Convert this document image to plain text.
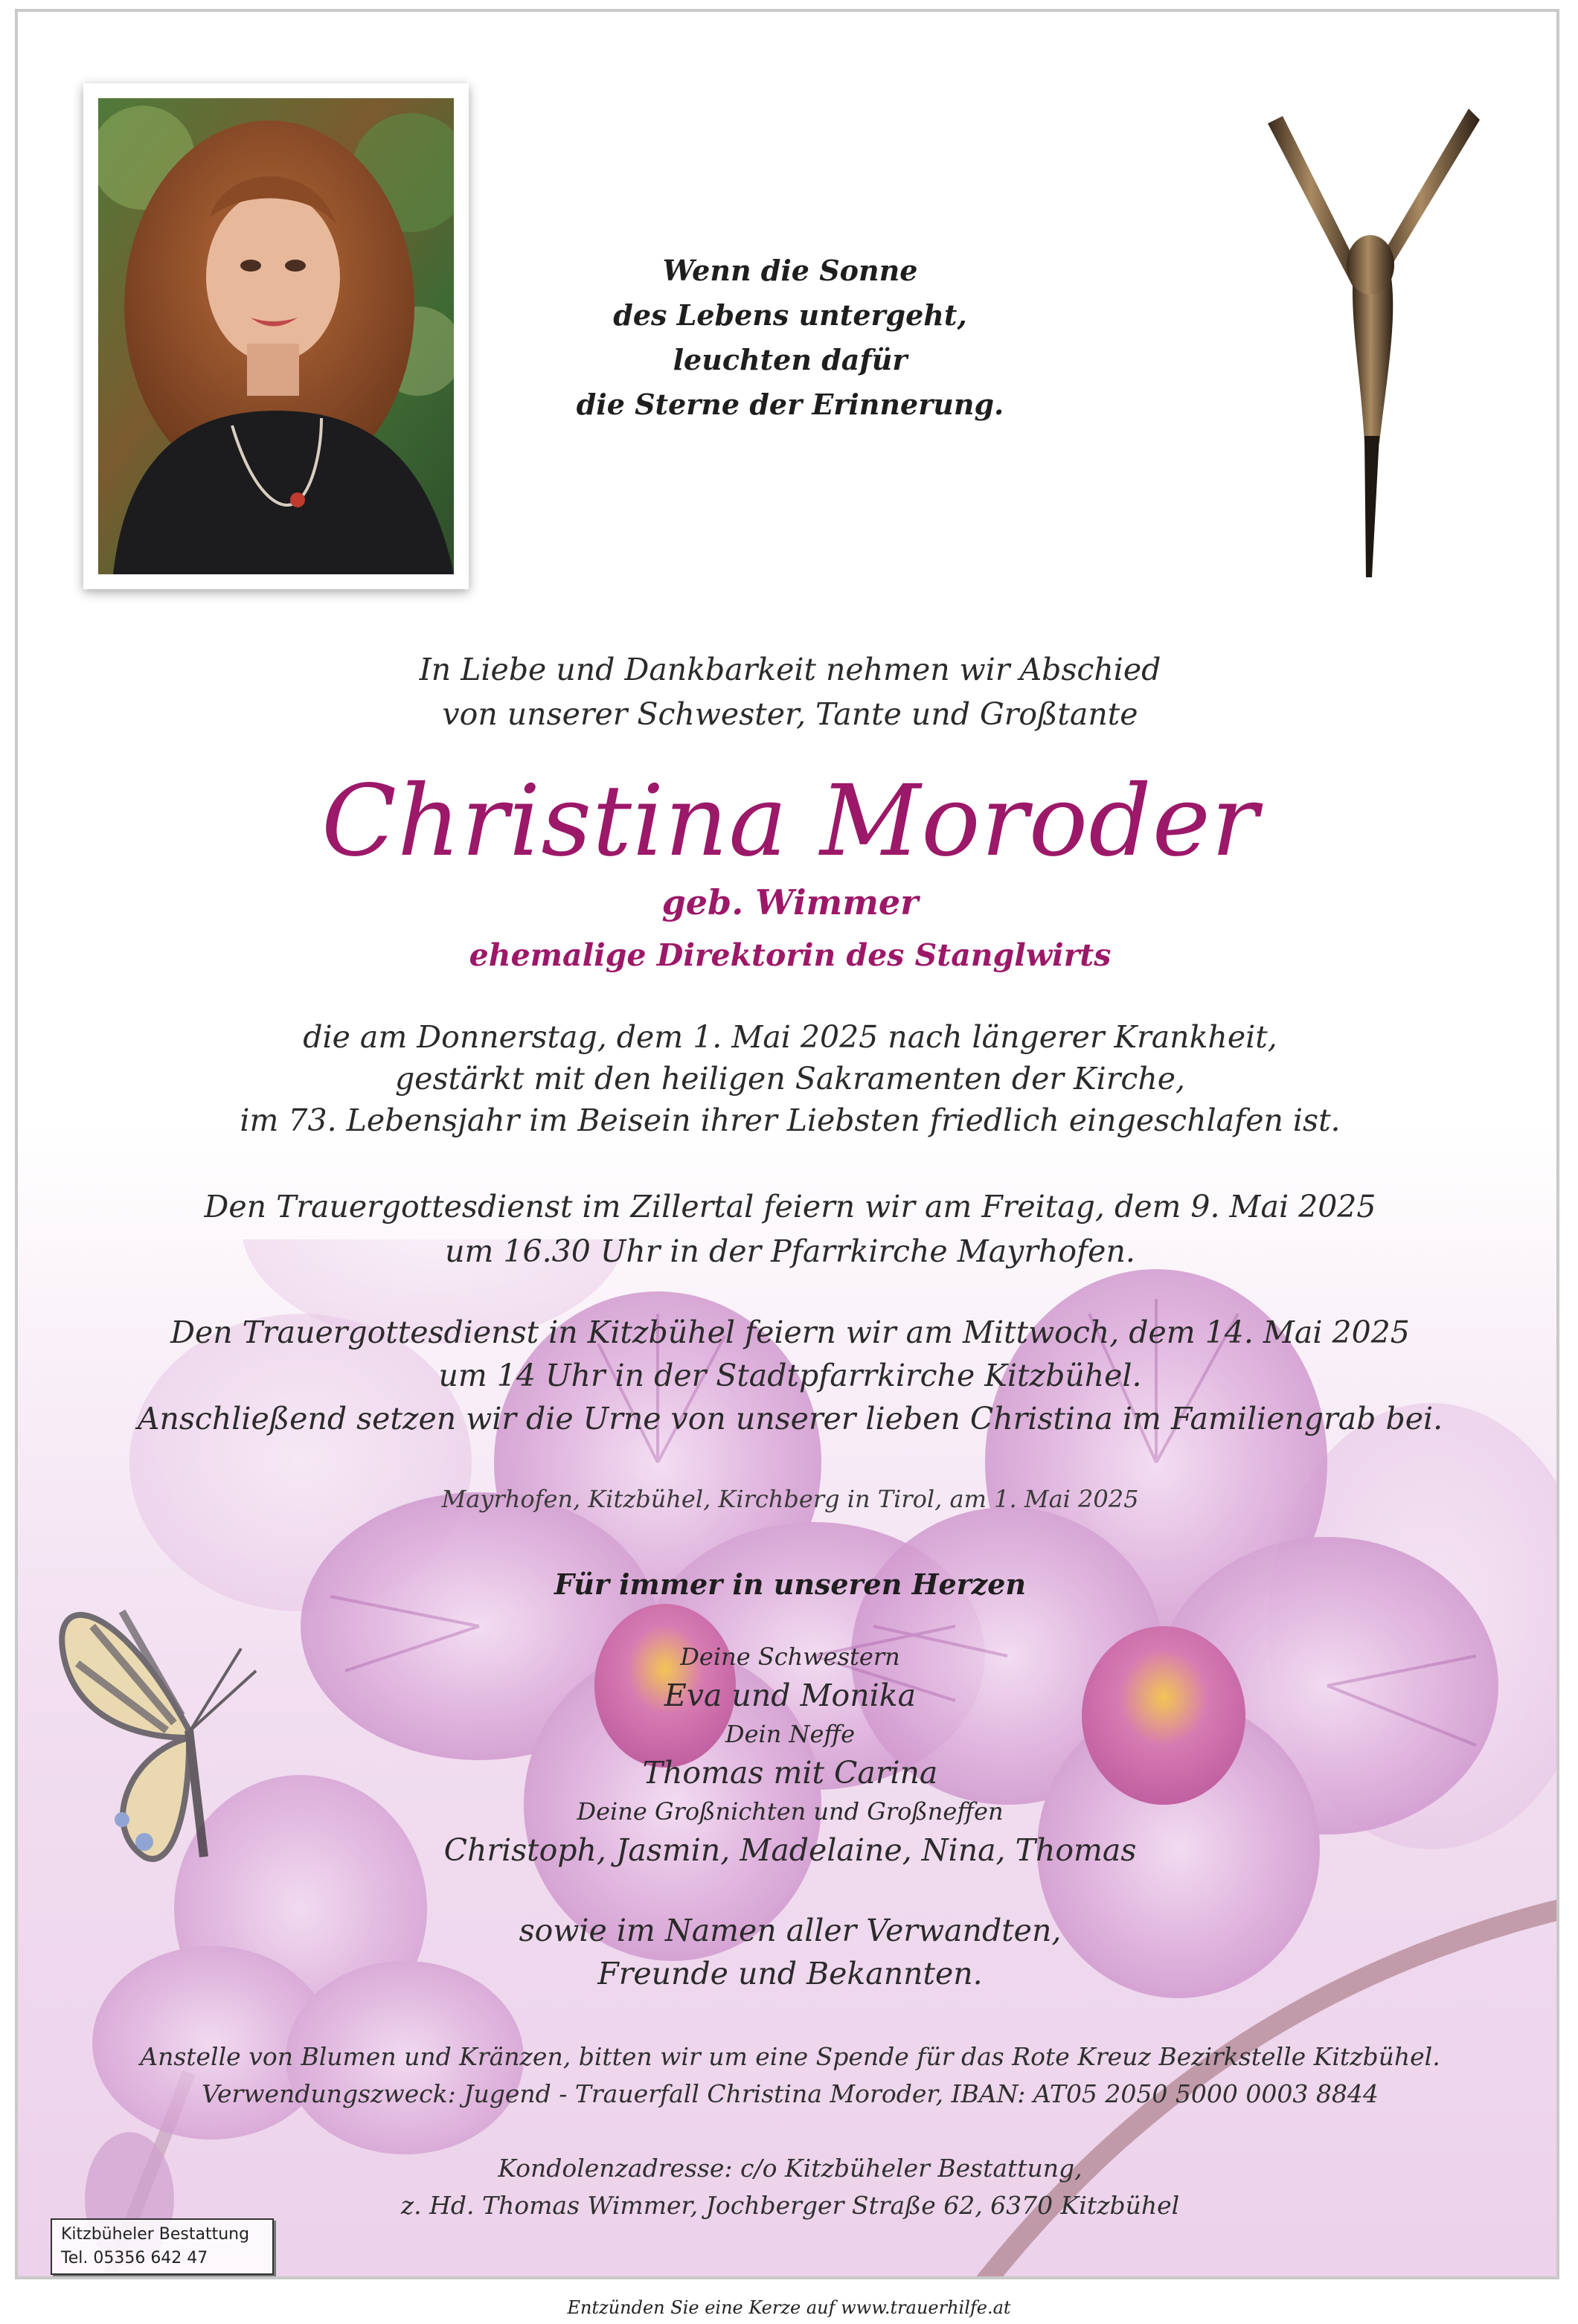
Wenn die Sonne
des Lebens untergeht,
leuchten dafür
die Sterne der Erinnerung.
In Liebe und Dankbarkeit nehmen wir Abschied
von unserer Schwester, Tante und Großtante
Christina Moroder
geb. Wimmer
ehemalige Direktorin des Stanglwirts
die am Donnerstag, dem 1. Mai 2025 nach längerer Krankheit,
gestärkt mit den heiligen Sakramenten der Kirche,
im 73. Lebensjahr im Beisein ihrer Liebsten friedlich eingeschlafen ist.
Den Trauergottesdienst im Zillertal feiern wir am Freitag, dem 9. Mai 2025
um 16.30 Uhr in der Pfarrkirche Mayrhofen.
Den Trauergottesdienst in Kitzbühel feiern wir am Mittwoch, dem 14. Mai 2025
um 14 Uhr in der Stadtpfarrkirche Kitzbühel.
Anschließend setzen wir die Urne von unserer lieben Christina im Familiengrab bei.
Mayrhofen, Kitzbühel, Kirchberg in Tirol, am 1. Mai 2025
Für immer in unseren Herzen
Deine Schwestern
Eva und Monika
Dein Neffe
Thomas mit Carina
Deine Großnichten und Großneffen
Christoph, Jasmin, Madelaine, Nina, Thomas
sowie im Namen aller Verwandten,
Freunde und Bekannten.
Anstelle von Blumen und Kränzen, bitten wir um eine Spende für das Rote Kreuz Bezirkstelle Kitzbühel.
Verwendungszweck: Jugend - Trauerfall Christina Moroder, IBAN: AT05 2050 5000 0003 8844
Kondolenzadresse: c/o Kitzbüheler Bestattung,
z. Hd. Thomas Wimmer, Jochberger Straße 62, 6370 Kitzbühel
Kitzbüheler Bestattung
Tel. 05356 642 47
Entzünden Sie eine Kerze auf www.trauerhilfe.at
